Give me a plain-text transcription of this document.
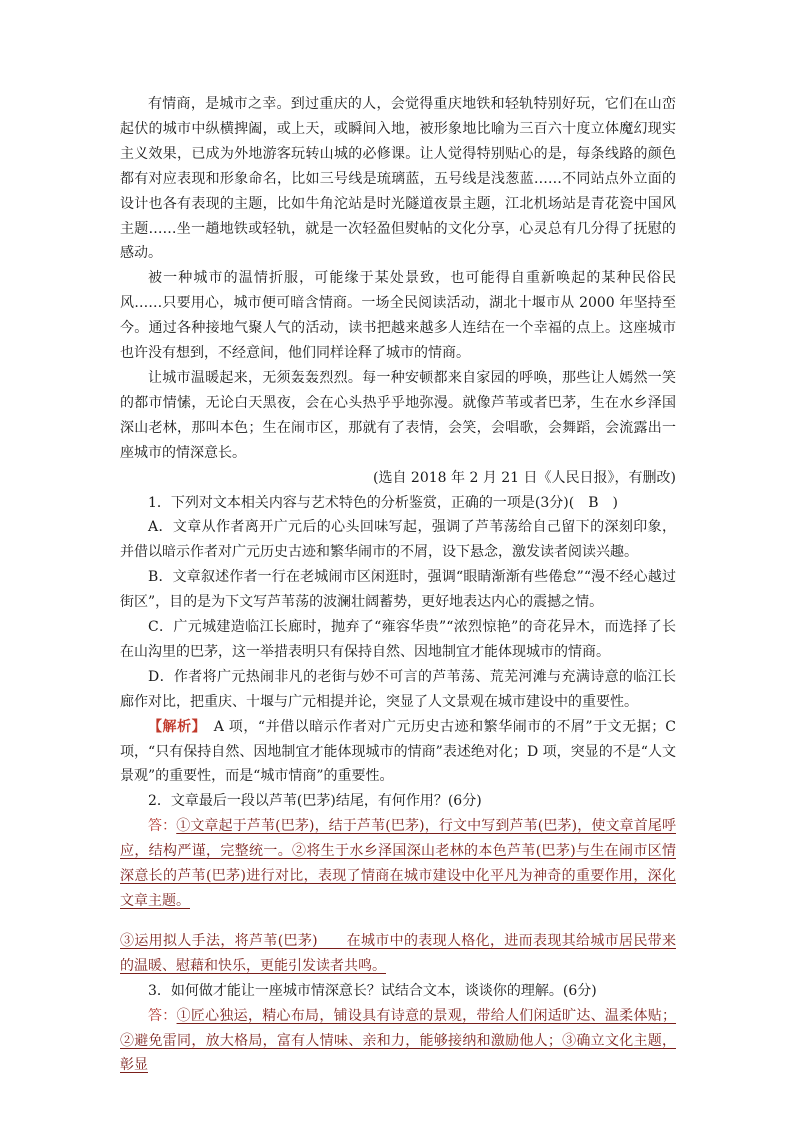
有情商，是城市之幸。到过重庆的人，会觉得重庆地铁和轻轨特别好玩，它们在山峦起伏的城市中纵横捭阖，或上天，或瞬间入地，被形象地比喻为三百六十度立体魔幻现实主义效果，已成为外地游客玩转山城的必修课。让人觉得特别贴心的是，每条线路的颜色都有对应表现和形象命名，比如三号线是琉璃蓝，五号线是浅葱蓝……不同站点外立面的设计也各有表现的主题，比如牛角沱站是时光隧道夜景主题，江北机场站是青花瓷中国风主题……坐一趟地铁或轻轨，就是一次轻盈但熨帖的文化分享，心灵总有几分得了抚慰的感动。

被一种城市的温情折服，可能缘于某处景致，也可能得自重新唤起的某种民俗民风……只要用心，城市便可暗含情商。一场全民阅读活动，湖北十堰市从 2000 年坚持至今。通过各种接地气聚人气的活动，读书把越来越多人连结在一个幸福的点上。这座城市也许没有想到，不经意间，他们同样诠释了城市的情商。

让城市温暖起来，无须轰轰烈烈。每一种安顿都来自家园的呼唤，那些让人嫣然一笑的都市情愫，无论白天黑夜，会在心头热乎乎地弥漫。就像芦苇或者巴茅，生在水乡泽国深山老林，那叫本色；生在闹市区，那就有了表情，会笑，会唱歌，会舞蹈，会流露出一座城市的情深意长。

(选自 2018 年 2 月 21 日《人民日报》，有删改)

1．下列对文本相关内容与艺术特色的分析鉴赏，正确的一项是(3分)(　B　)

A．文章从作者离开广元后的心头回味写起，强调了芦苇荡给自己留下的深刻印象，并借以暗示作者对广元历史古迹和繁华闹市的不屑，设下悬念，激发读者阅读兴趣。

B．文章叙述作者一行在老城闹市区闲逛时，强调“眼睛渐渐有些倦怠”“漫不经心越过街区”，目的是为下文写芦苇荡的波澜壮阔蓄势，更好地表达内心的震撼之情。

C．广元城建造临江长廊时，抛弃了“雍容华贵”“浓烈惊艳”的奇花异木，而选择了长在山沟里的巴茅，这一举措表明只有保持自然、因地制宜才能体现城市的情商。

D．作者将广元热闹非凡的老街与妙不可言的芦苇荡、荒芜河滩与充满诗意的临江长廊作对比，把重庆、十堰与广元相提并论，突显了人文景观在城市建设中的重要性。

【解析】　 A 项，“并借以暗示作者对广元历史古迹和繁华闹市的不屑”于文无据；C 项，“只有保持自然、因地制宜才能体现城市的情商”表述绝对化；D 项，突显的不是“人文景观”的重要性，而是“城市情商”的重要性。

2．文章最后一段以芦苇(巴茅)结尾，有何作用？(6分)

答：①文章起于芦苇(巴茅)，结于芦苇(巴茅)，行文中写到芦苇(巴茅)，使文章首尾呼应，结构严谨，完整统一。②将生于水乡泽国深山老林的本色芦苇(巴茅)与生在闹市区情深意长的芦苇(巴茅)进行对比，表现了情商在城市建设中化平凡为神奇的重要作用，深化文章主题。

③运用拟人手法，将芦苇(巴茅)　　在城市中的表现人格化，进而表现其给城市居民带来的温暖、慰藉和快乐，更能引发读者共鸣。

3．如何做才能让一座城市情深意长？试结合文本，谈谈你的理解。(6分)

答：①匠心独运，精心布局，铺设具有诗意的景观，带给人们闲适旷达、温柔体贴；②避免雷同，放大格局，富有人情味、亲和力，能够接纳和激励他人；③确立文化主题，彰显
